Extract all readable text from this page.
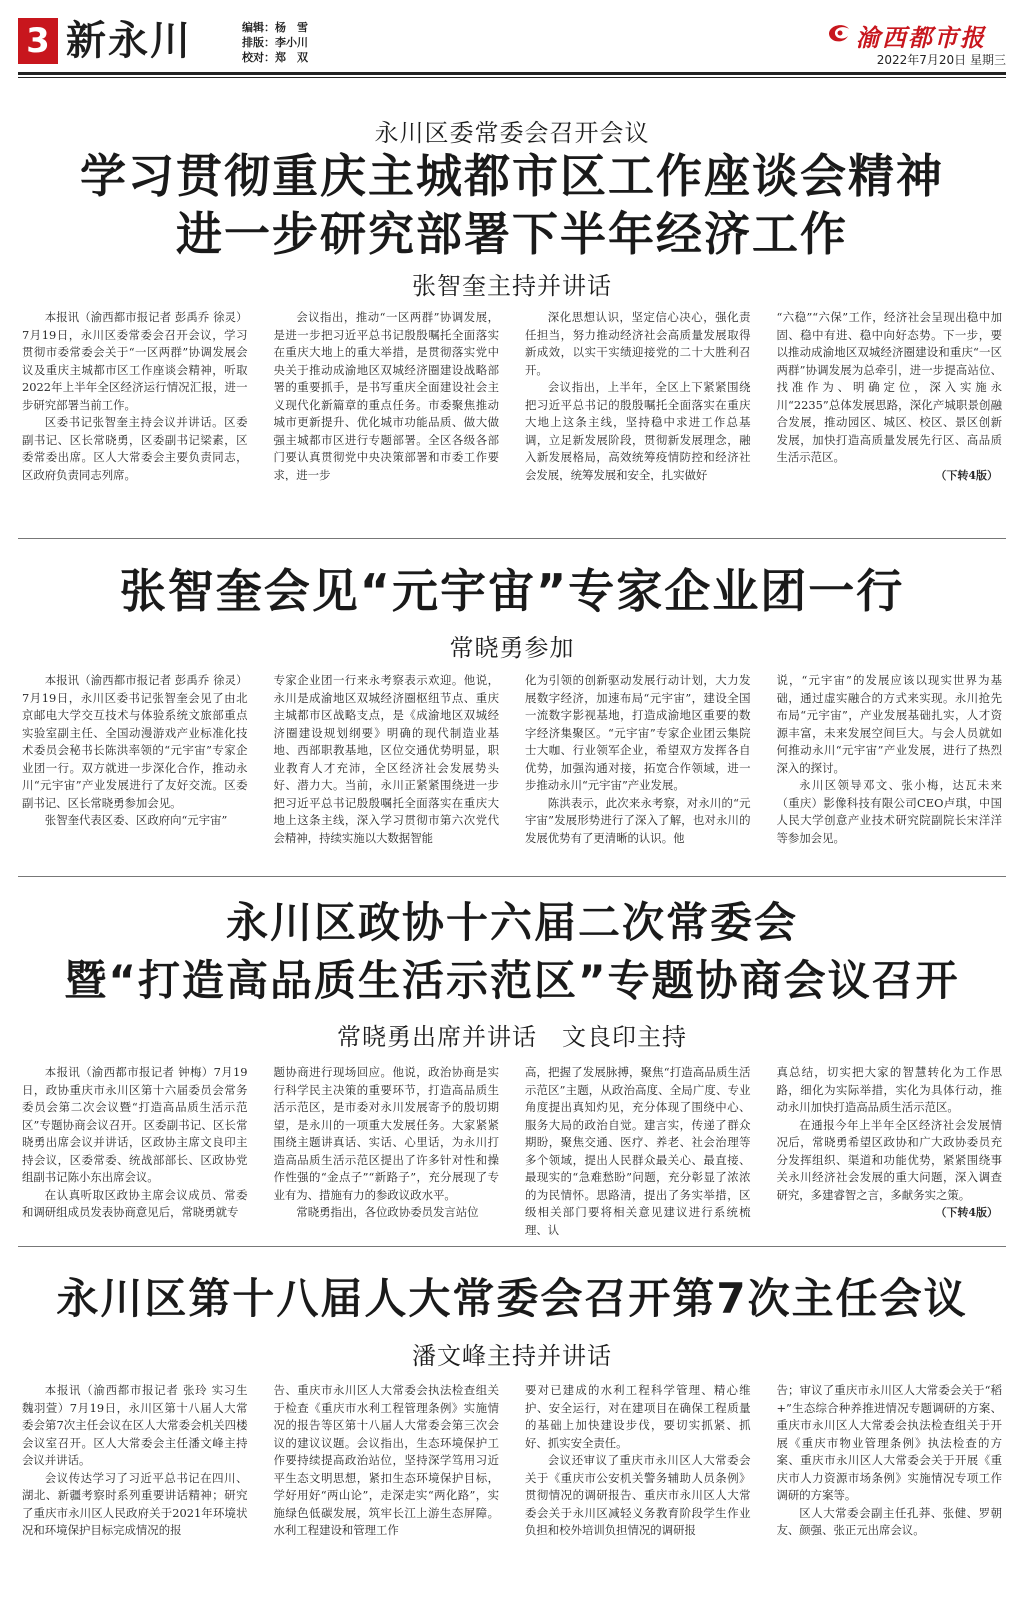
3 新永川	编辑：杨　雪
排版：李小川
校对：郑　双
渝西都市报
2022年7月20日 星期三
永川区委常委会召开会议
学习贯彻重庆主城都市区工作座谈会精神
进一步研究部署下半年经济工作
张智奎主持并讲话

本报讯（渝西都市报记者 彭禹乔 徐灵）7月19日，永川区委常委会召开会议，学习贯彻市委常委会关于“一区两群”协调发展会议及重庆主城都市区工作座谈会精神，听取2022年上半年全区经济运行情况汇报，进一步研究部署当前工作。

区委书记张智奎主持会议并讲话。区委副书记、区长常晓勇，区委副书记梁素，区委常委出席。区人大常委会主要负责同志，区政府负责同志列席。

会议指出，推动“一区两群”协调发展，是进一步把习近平总书记殷殷嘱托全面落实在重庆大地上的重大举措，是贯彻落实党中央关于推动成渝地区双城经济圈建设战略部署的重要抓手，是书写重庆全面建设社会主义现代化新篇章的重点任务。市委聚焦推动城市更新提升、优化城市功能品质、做大做强主城都市区进行专题部署。全区各级各部门要认真贯彻党中央决策部署和市委工作要求，进一步

深化思想认识，坚定信心决心，强化责任担当，努力推动经济社会高质量发展取得新成效，以实干实绩迎接党的二十大胜利召开。

会议指出，上半年，全区上下紧紧围绕把习近平总书记的殷殷嘱托全面落实在重庆大地上这条主线，坚持稳中求进工作总基调，立足新发展阶段，贯彻新发展理念，融入新发展格局，高效统筹疫情防控和经济社会发展，统筹发展和安全，扎实做好

“六稳”“六保”工作，经济社会呈现出稳中加固、稳中有进、稳中向好态势。下一步，要以推动成渝地区双城经济圈建设和重庆“一区两群”协调发展为总牵引，进一步提高站位、找准作为、明确定位，深入实施永川“2235”总体发展思路，深化产城职景创融合发展，推动园区、城区、校区、景区创新发展，加快打造高质量发展先行区、高品质生活示范区。

（下转4版）
张智奎会见“元宇宙”专家企业团一行
常晓勇参加

本报讯（渝西都市报记者 彭禹乔 徐灵）7月19日，永川区委书记张智奎会见了由北京邮电大学交互技术与体验系统文旅部重点实验室副主任、全国动漫游戏产业标准化技术委员会秘书长陈洪率领的“元宇宙”专家企业团一行。双方就进一步深化合作，推动永川“元宇宙”产业发展进行了友好交流。区委副书记、区长常晓勇参加会见。

张智奎代表区委、区政府向“元宇宙”

专家企业团一行来永考察表示欢迎。他说，永川是成渝地区双城经济圈枢纽节点、重庆主城都市区战略支点，是《成渝地区双城经济圈建设规划纲要》明确的现代制造业基地、西部职教基地，区位交通优势明显，职业教育人才充沛，全区经济社会发展势头好、潜力大。当前，永川正紧紧围绕进一步把习近平总书记殷殷嘱托全面落实在重庆大地上这条主线，深入学习贯彻市第六次党代会精神，持续实施以大数据智能

化为引领的创新驱动发展行动计划，大力发展数字经济，加速布局“元宇宙”，建设全国一流数字影视基地，打造成渝地区重要的数字经济集聚区。“元宇宙”专家企业团云集院士大咖、行业领军企业，希望双方发挥各自优势，加强沟通对接，拓宽合作领域，进一步推动永川“元宇宙”产业发展。

陈洪表示，此次来永考察，对永川的“元宇宙”发展形势进行了深入了解，也对永川的发展优势有了更清晰的认识。他

说，“元宇宙”的发展应该以现实世界为基础，通过虚实融合的方式来实现。永川抢先布局“元宇宙”，产业发展基础扎实，人才资源丰富，未来发展空间巨大。与会人员就如何推动永川“元宇宙”产业发展，进行了热烈深入的探讨。

永川区领导邓文、张小梅，达瓦未来（重庆）影像科技有限公司CEO卢琪，中国人民大学创意产业技术研究院副院长宋洋洋等参加会见。

永川区政协十六届二次常委会
暨“打造高品质生活示范区”专题协商会议召开
常晓勇出席并讲话　文良印主持

本报讯（渝西都市报记者 钟梅）7月19日，政协重庆市永川区第十六届委员会常务委员会第二次会议暨“打造高品质生活示范区”专题协商会议召开。区委副书记、区长常晓勇出席会议并讲话，区政协主席文良印主持会议，区委常委、统战部部长、区政协党组副书记陈小东出席会议。

在认真听取区政协主席会议成员、常委和调研组成员发表协商意见后，常晓勇就专

题协商进行现场回应。他说，政治协商是实行科学民主决策的重要环节，打造高品质生活示范区，是市委对永川发展寄予的殷切期望，是永川的一项重大发展任务。大家紧紧围绕主题讲真话、实话、心里话，为永川打造高品质生活示范区提出了许多针对性和操作性强的“金点子”“新路子”，充分展现了专业有为、措施有力的参政议政水平。

常晓勇指出，各位政协委员发言站位

高，把握了发展脉搏，聚焦“打造高品质生活示范区”主题，从政治高度、全局广度、专业角度提出真知灼见，充分体现了围绕中心、服务大局的政治自觉。建言实，传递了群众期盼，聚焦交通、医疗、养老、社会治理等多个领域，提出人民群众最关心、最直接、最现实的“急难愁盼”问题，充分彰显了浓浓的为民情怀。思路清，提出了务实举措，区级相关部门要将相关意见建议进行系统梳理、认

真总结，切实把大家的智慧转化为工作思路，细化为实际举措，实化为具体行动，推动永川加快打造高品质生活示范区。

在通报今年上半年全区经济社会发展情况后，常晓勇希望区政协和广大政协委员充分发挥组织、渠道和功能优势，紧紧围绕事关永川经济社会发展的重大问题，深入调查研究，多建睿智之言，多献务实之策。

（下转4版）
永川区第十八届人大常委会召开第7次主任会议
潘文峰主持并讲话

本报讯（渝西都市报记者 张玲 实习生 魏羽萱）7月19日，永川区第十八届人大常委会第7次主任会议在区人大常委会机关四楼会议室召开。区人大常委会主任潘文峰主持会议并讲话。

会议传达学习了习近平总书记在四川、湖北、新疆考察时系列重要讲话精神；研究了重庆市永川区人民政府关于2021年环境状况和环境保护目标完成情况的报

告、重庆市永川区人大常委会执法检查组关于检查《重庆市水利工程管理条例》实施情况的报告等区第十八届人大常委会第三次会议的建议议题。会议指出，生态环境保护工作要持续提高政治站位，坚持深学笃用习近平生态文明思想，紧扣生态环境保护目标，学好用好“两山论”，走深走实“两化路”，实施绿色低碳发展，筑牢长江上游生态屏障。水利工程建设和管理工作

要对已建成的水利工程科学管理、精心维护、安全运行，对在建项目在确保工程质量的基础上加快建设步伐，要切实抓紧、抓好、抓实安全责任。

会议还审议了重庆市永川区人大常委会关于《重庆市公安机关警务辅助人员条例》贯彻情况的调研报告、重庆市永川区人大常委会关于永川区减轻义务教育阶段学生作业负担和校外培训负担情况的调研报

告；审议了重庆市永川区人大常委会关于“稻+”生态综合种养推进情况专题调研的方案、重庆市永川区人大常委会执法检查组关于开展《重庆市物业管理条例》执法检查的方案、重庆市永川区人大常委会关于开展《重庆市人力资源市场条例》实施情况专项工作调研的方案等。

区人大常委会副主任孔莽、张健、罗朝友、颜强、张正元出席会议。
